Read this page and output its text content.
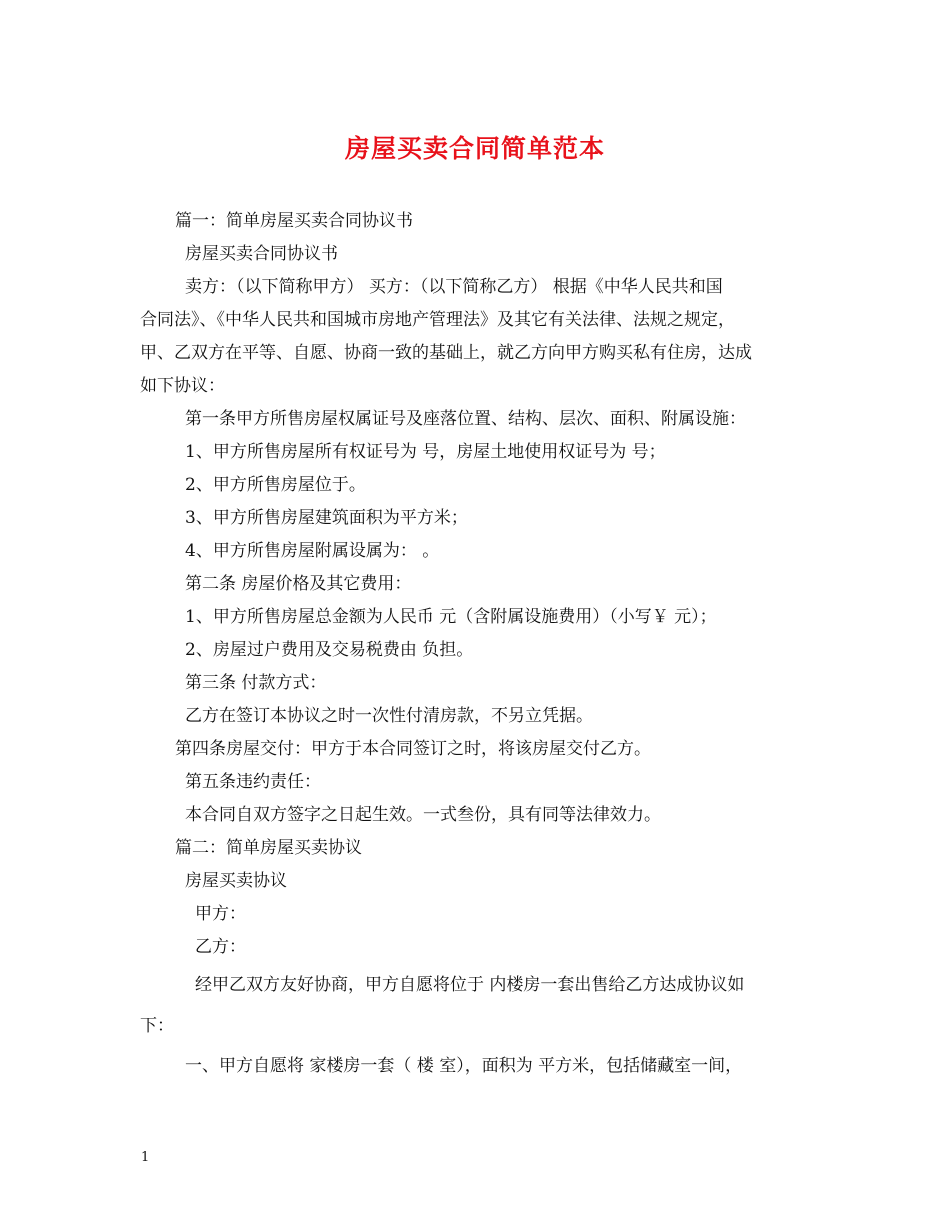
房屋买卖合同简单范本
篇一：简单房屋买卖合同协议书
房屋买卖合同协议书
卖方：（以下简称甲方） 买方：（以下简称乙方） 根据《中华人民共和国
合同法》、《中华人民共和国城市房地产管理法》及其它有关法律、法规之规定，
甲、乙双方在平等、自愿、协商一致的基础上，就乙方向甲方购买私有住房，达成
如下协议：
第一条甲方所售房屋权属证号及座落位置、结构、层次、面积、附属设施：
1、甲方所售房屋所有权证号为 号，房屋土地使用权证号为 号；
2、甲方所售房屋位于。
3、甲方所售房屋建筑面积为平方米；
4、甲方所售房屋附属设属为： 。
第二条 房屋价格及其它费用：
1、甲方所售房屋总金额为人民币 元（含附属设施费用）（小写￥ 元）；
2、房屋过户费用及交易税费由 负担。
第三条 付款方式：
乙方在签订本协议之时一次性付清房款，不另立凭据。
第四条房屋交付：甲方于本合同签订之时，将该房屋交付乙方。
第五条违约责任：
本合同自双方签字之日起生效。一式叁份，具有同等法律效力。
篇二：简单房屋买卖协议
房屋买卖协议
甲方：
乙方：
经甲乙双方友好协商，甲方自愿将位于 内楼房一套出售给乙方达成协议如
下：
一、甲方自愿将 家楼房一套（ 楼 室），面积为 平方米，包括储藏室一间，
1
